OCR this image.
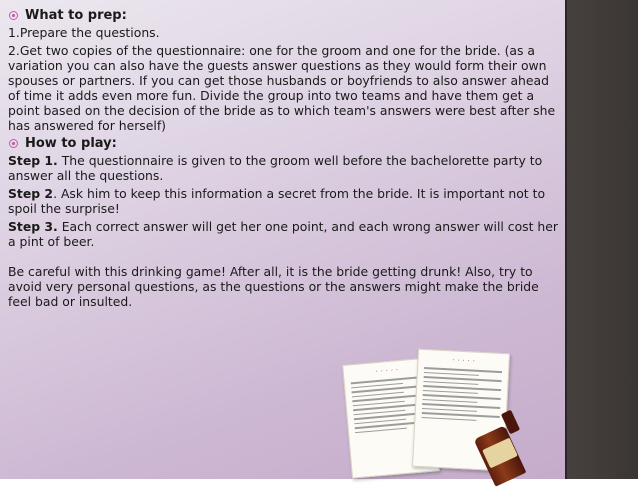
What to prep:

1.Prepare the questions.

2.Get two copies of the questionnaire: one for the groom and one for the bride. (as a variation you can also have the guests answer questions as they would form their own spouses or partners. If you can get those husbands or boyfriends to also answer ahead of time it adds even more fun. Divide the group into two teams and have them get a point based on the decision of the bride as to which team's answers were best after she has answered for herself)

How to play:

Step 1. The questionnaire is given to the groom well before the bachelorette party to answer all the questions.

Step 2. Ask him to keep this information a secret from the bride. It is important not to spoil the surprise!

Step 3. Each correct answer will get her one point, and each wrong answer will cost her a pint of beer.

Be careful with this drinking game! After all, it is the bride getting drunk! Also, try to avoid very personal questions, as the questions or the answers might make the bride feel bad or insulted.

· · · · ·
· · · · ·
